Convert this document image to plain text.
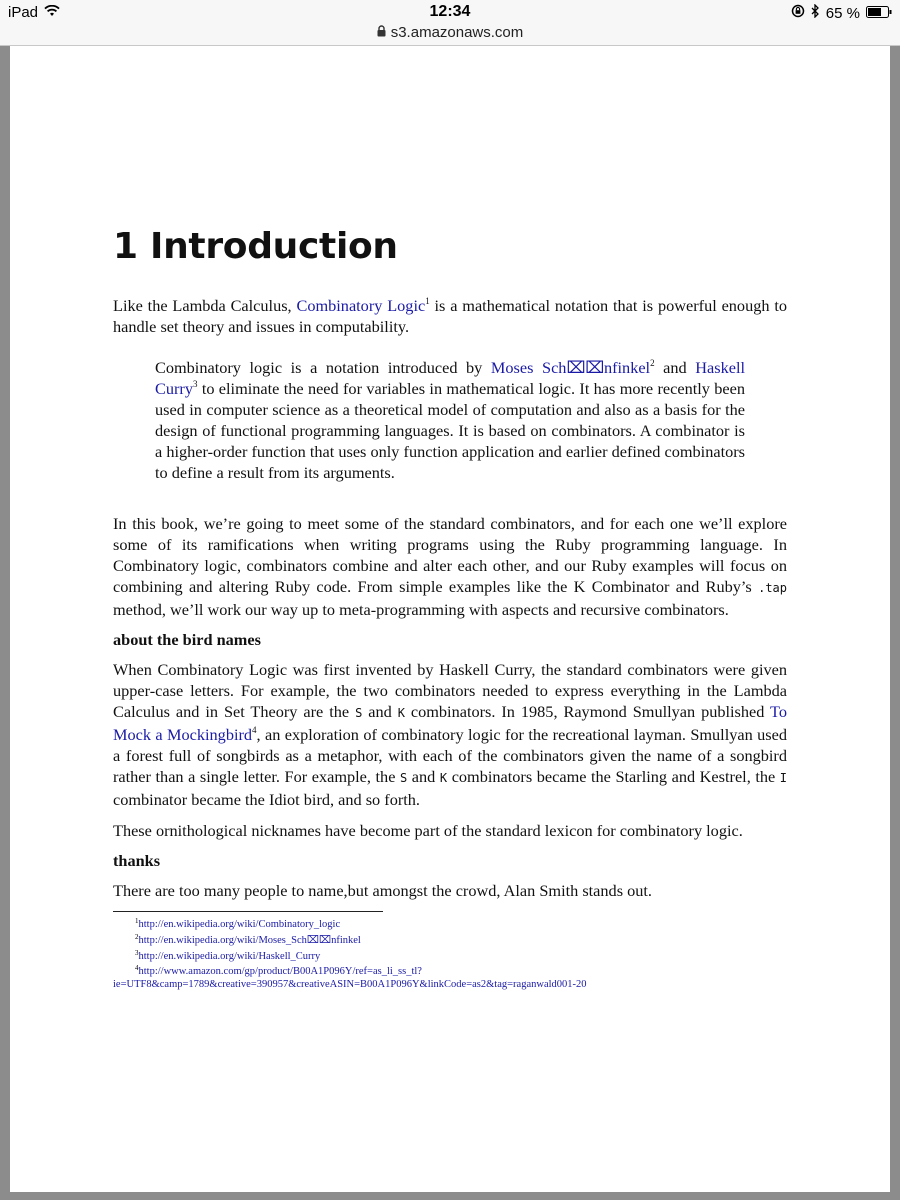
iPad	12:34	65 %
s3.amazonaws.com
1 Introduction

Like the Lambda Calculus, Combinatory Logic$^1$ is a mathematical notation that is powerful enough to handle set theory and issues in computability.

Combinatory logic is a notation introduced by Moses Sch⌧⌧nfinkel$^2$ and Haskell Curry$^3$ to eliminate the need for variables in mathematical logic. It has more recently been used in computer science as a theoretical model of computation and also as a basis for the design of functional programming languages. It is based on combinators. A combinator is a higher-order function that uses only function application and earlier defined combinators to define a result from its arguments.

In this book, we’re going to meet some of the standard combinators, and for each one we’ll explore some of its ramifications when writing programs using the Ruby programming language. In Combinatory logic, combinators combine and alter each other, and our Ruby examples will focus on combining and altering Ruby code. From simple examples like the K Combinator and Ruby’s .tap method, we’ll work our way up to meta-programming with aspects and recursive combinators.

about the bird names

When Combinatory Logic was first invented by Haskell Curry, the standard combinators were given upper-case letters. For example, the two combinators needed to express everything in the Lambda Calculus and in Set Theory are the S and K combinators. In 1985, Raymond Smullyan published To Mock a Mockingbird$^4$, an exploration of combinatory logic for the recreational layman. Smullyan used a forest full of songbirds as a metaphor, with each of the combinators given the name of a songbird rather than a single letter. For example, the S and K combinators became the Starling and Kestrel, the I combinator became the Idiot bird, and so forth.

These ornithological nicknames have become part of the standard lexicon for combinatory logic.

thanks

There are too many people to name,but amongst the crowd, Alan Smith stands out.

$^1$http://en.wikipedia.org/wiki/Combinatory_logic
$^2$http://en.wikipedia.org/wiki/Moses_Sch⌧⌧nfinkel
$^3$http://en.wikipedia.org/wiki/Haskell_Curry
$^4$http://www.amazon.com/gp/product/B00A1P096Y/ref=as_li_ss_tl?ie=UTF8&camp=1789&creative=390957&creativeASIN=B00A1P096Y&linkCode=as2&tag=raganwald001-20
